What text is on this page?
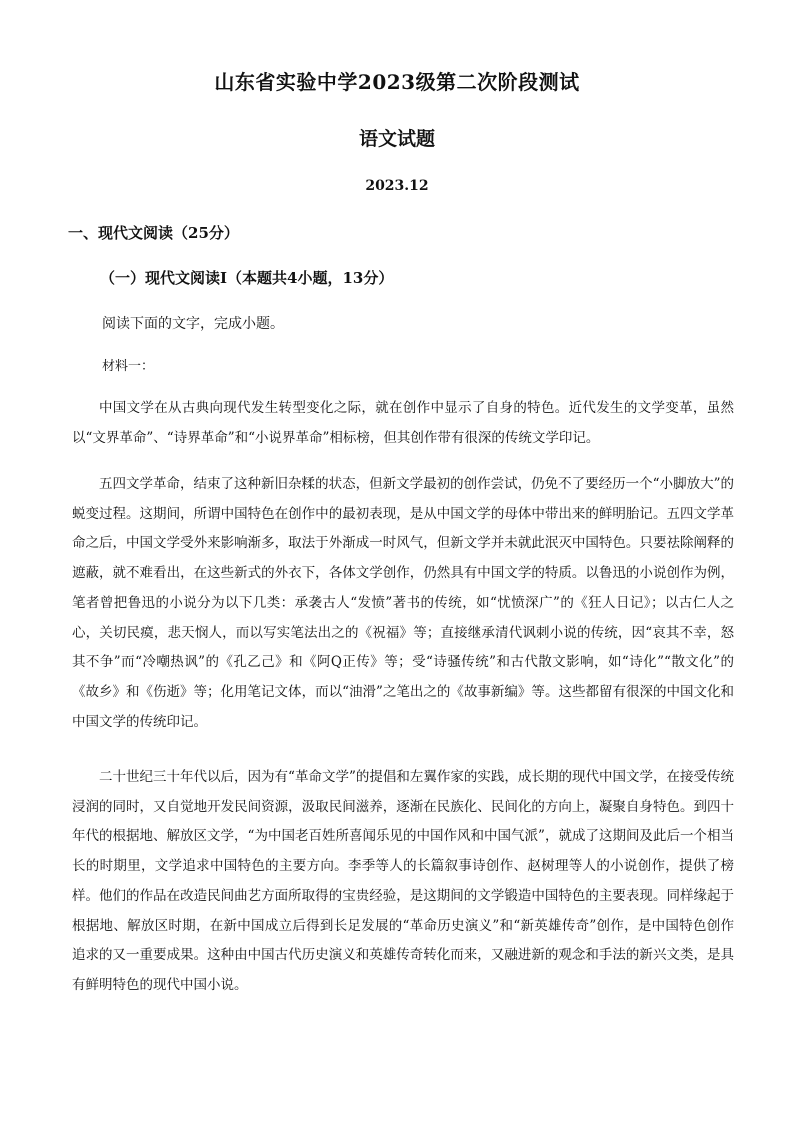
山东省实验中学2023级第二次阶段测试
语文试题
2023.12
一、现代文阅读（25分）
（一）现代文阅读Ⅰ（本题共4小题，13分）
阅读下面的文字，完成小题。
材料一：

中国文学在从古典向现代发生转型变化之际，就在创作中显示了自身的特色。近代发生的文学变革，虽然以“文界革命”、“诗界革命”和“小说界革命”相标榜，但其创作带有很深的传统文学印记。

五四文学革命，结束了这种新旧杂糅的状态，但新文学最初的创作尝试，仍免不了要经历一个“小脚放大”的蜕变过程。这期间，所谓中国特色在创作中的最初表现，是从中国文学的母体中带出来的鲜明胎记。五四文学革命之后，中国文学受外来影响渐多，取法于外渐成一时风气，但新文学并未就此泯灭中国特色。只要祛除阐释的遮蔽，就不难看出，在这些新式的外衣下，各体文学创作，仍然具有中国文学的特质。以鲁迅的小说创作为例，笔者曾把鲁迅的小说分为以下几类：承袭古人“发愤”著书的传统，如“忧愤深广”的《狂人日记》；以古仁人之心，关切民瘼，悲天悯人，而以写实笔法出之的《祝福》等；直接继承清代讽刺小说的传统，因“哀其不幸，怒其不争”而“冷嘲热讽”的《孔乙己》和《阿Q正传》等；受“诗骚传统”和古代散文影响，如“诗化”“散文化”的《故乡》和《伤逝》等；化用笔记文体，而以“油滑”之笔出之的《故事新编》等。这些都留有很深的中国文化和中国文学的传统印记。

二十世纪三十年代以后，因为有“革命文学”的提倡和左翼作家的实践，成长期的现代中国文学，在接受传统浸润的同时，又自觉地开发民间资源，汲取民间滋养，逐渐在民族化、民间化的方向上，凝聚自身特色。到四十年代的根据地、解放区文学，“为中国老百姓所喜闻乐见的中国作风和中国气派”，就成了这期间及此后一个相当长的时期里，文学追求中国特色的主要方向。李季等人的长篇叙事诗创作、赵树理等人的小说创作，提供了榜样。他们的作品在改造民间曲艺方面所取得的宝贵经验，是这期间的文学锻造中国特色的主要表现。同样缘起于根据地、解放区时期，在新中国成立后得到长足发展的“革命历史演义”和“新英雄传奇”创作，是中国特色创作追求的又一重要成果。这种由中国古代历史演义和英雄传奇转化而来，又融进新的观念和手法的新兴文类，是具有鲜明特色的现代中国小说。
